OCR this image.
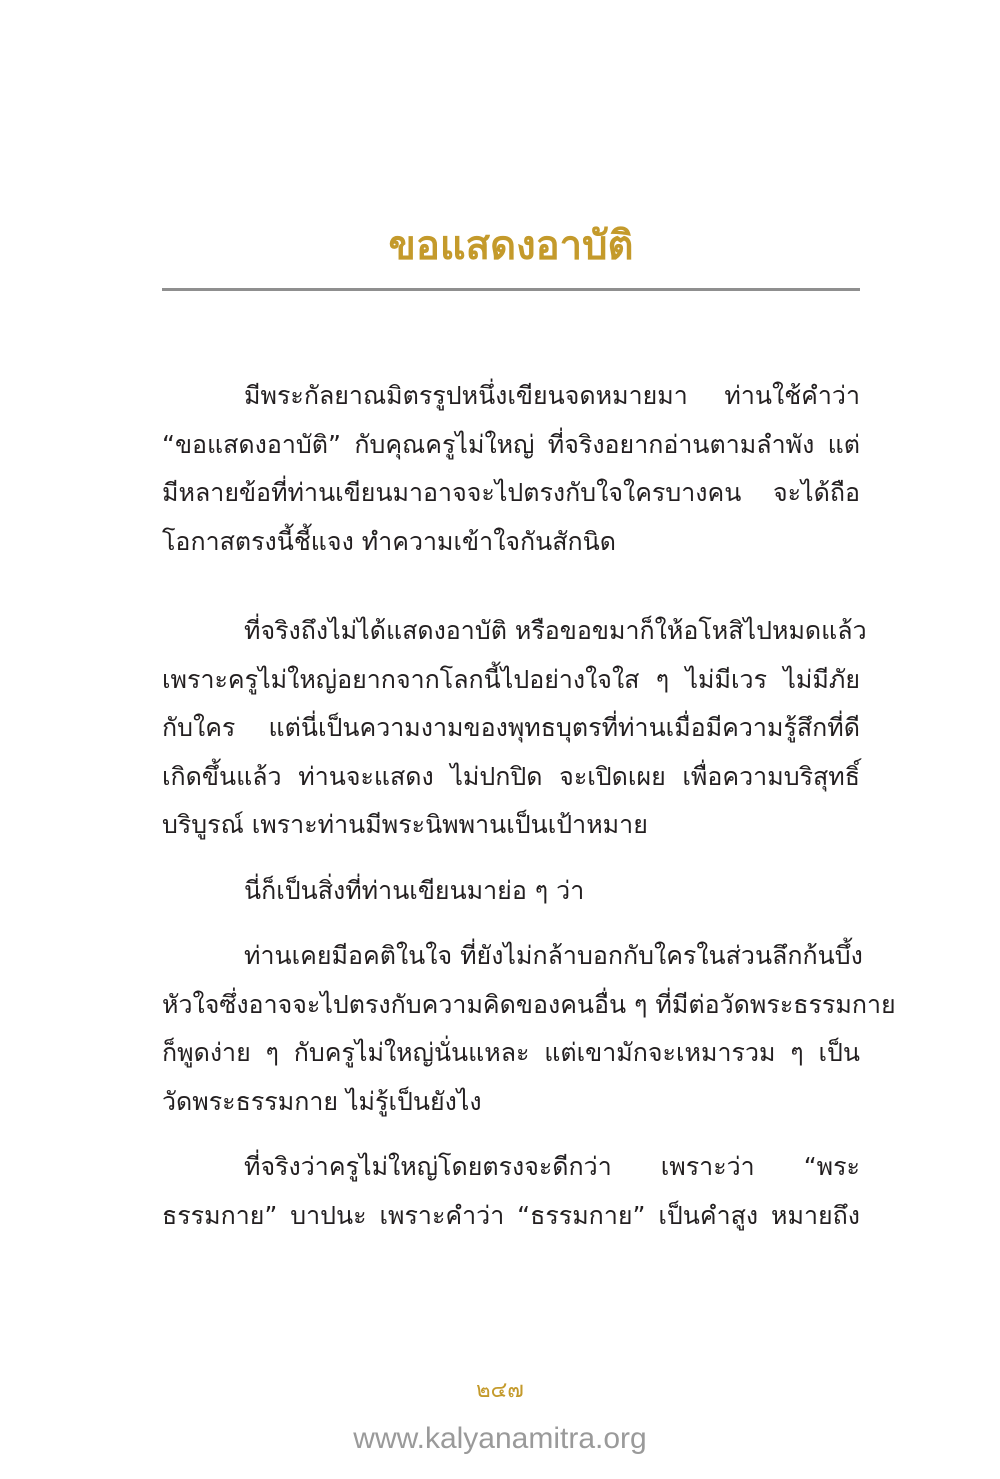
ขอแสดงอาบัติ

มีพระกัลยาณมิตรรูปหนึ่งเขียนจดหมายมา ท่านใช้คำว่า
“ขอแสดงอาบัติ” กับคุณครูไม่ใหญ่ ที่จริงอยากอ่านตามลำพัง แต่
มีหลายข้อที่ท่านเขียนมาอาจจะไปตรงกับใจใครบางคน จะได้ถือ
โอกาสตรงนี้ชี้แจง ทำความเข้าใจกันสักนิด

ที่จริงถึงไม่ได้แสดงอาบัติ หรือขอขมาก็ให้อโหสิไปหมดแล้ว
เพราะครูไม่ใหญ่อยากจากโลกนี้ไปอย่างใจใส ๆ ไม่มีเวร ไม่มีภัย
กับใคร แต่นี่เป็นความงามของพุทธบุตรที่ท่านเมื่อมีความรู้สึกที่ดี
เกิดขึ้นแล้ว ท่านจะแสดง ไม่ปกปิด จะเปิดเผย เพื่อความบริสุทธิ์
บริบูรณ์ เพราะท่านมีพระนิพพานเป็นเป้าหมาย

นี่ก็เป็นสิ่งที่ท่านเขียนมาย่อ ๆ ว่า

ท่านเคยมีอคติในใจ ที่ยังไม่กล้าบอกกับใครในส่วนลึกก้นบึ้ง
หัวใจซึ่งอาจจะไปตรงกับความคิดของคนอื่น ๆ ที่มีต่อวัดพระธรรมกาย
ก็พูดง่าย ๆ กับครูไม่ใหญ่นั่นแหละ แต่เขามักจะเหมารวม ๆ เป็น
วัดพระธรรมกาย ไม่รู้เป็นยังไง

ที่จริงว่าครูไม่ใหญ่โดยตรงจะดีกว่า เพราะว่า “พระ
ธรรมกาย” บาปนะ เพราะคำว่า “ธรรมกาย” เป็นคำสูง หมายถึง

๒๔๗
www.kalyanamitra.org
